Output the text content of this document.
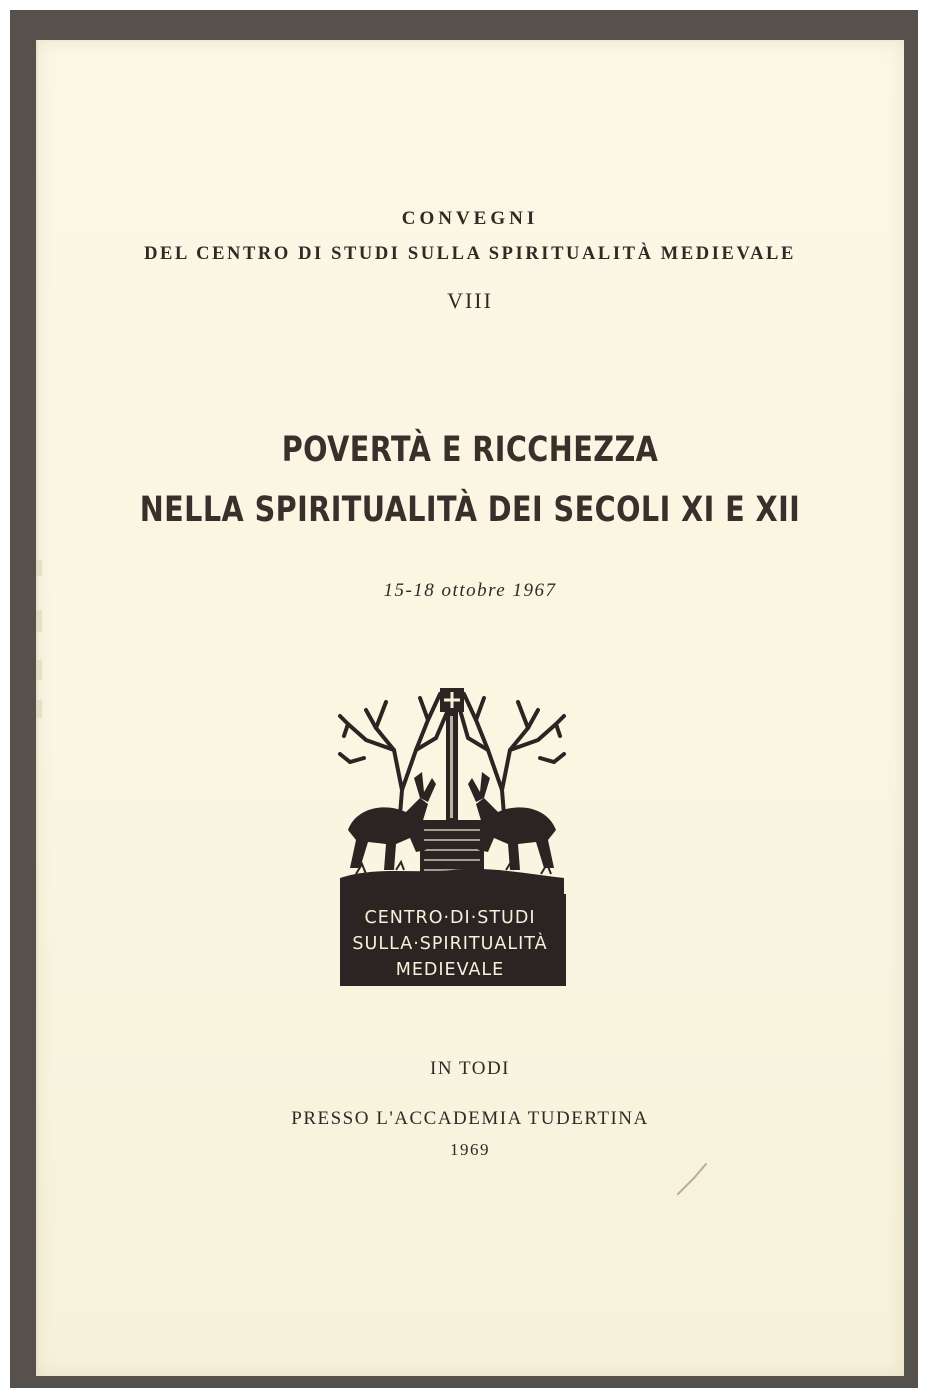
CONVEGNI
DEL CENTRO DI STUDI SULLA SPIRITUALITÀ MEDIEVALE
VIII
POVERTÀ E RICCHEZZA
NELLA SPIRITUALITÀ DEI SECOLI XI E XII
15-18 ottobre 1967
CENTRO·DI·STUDI
SULLA·SPIRITUALITÀ
MEDIEVALE
IN TODI
PRESSO L'ACCADEMIA TUDERTINA
1969
